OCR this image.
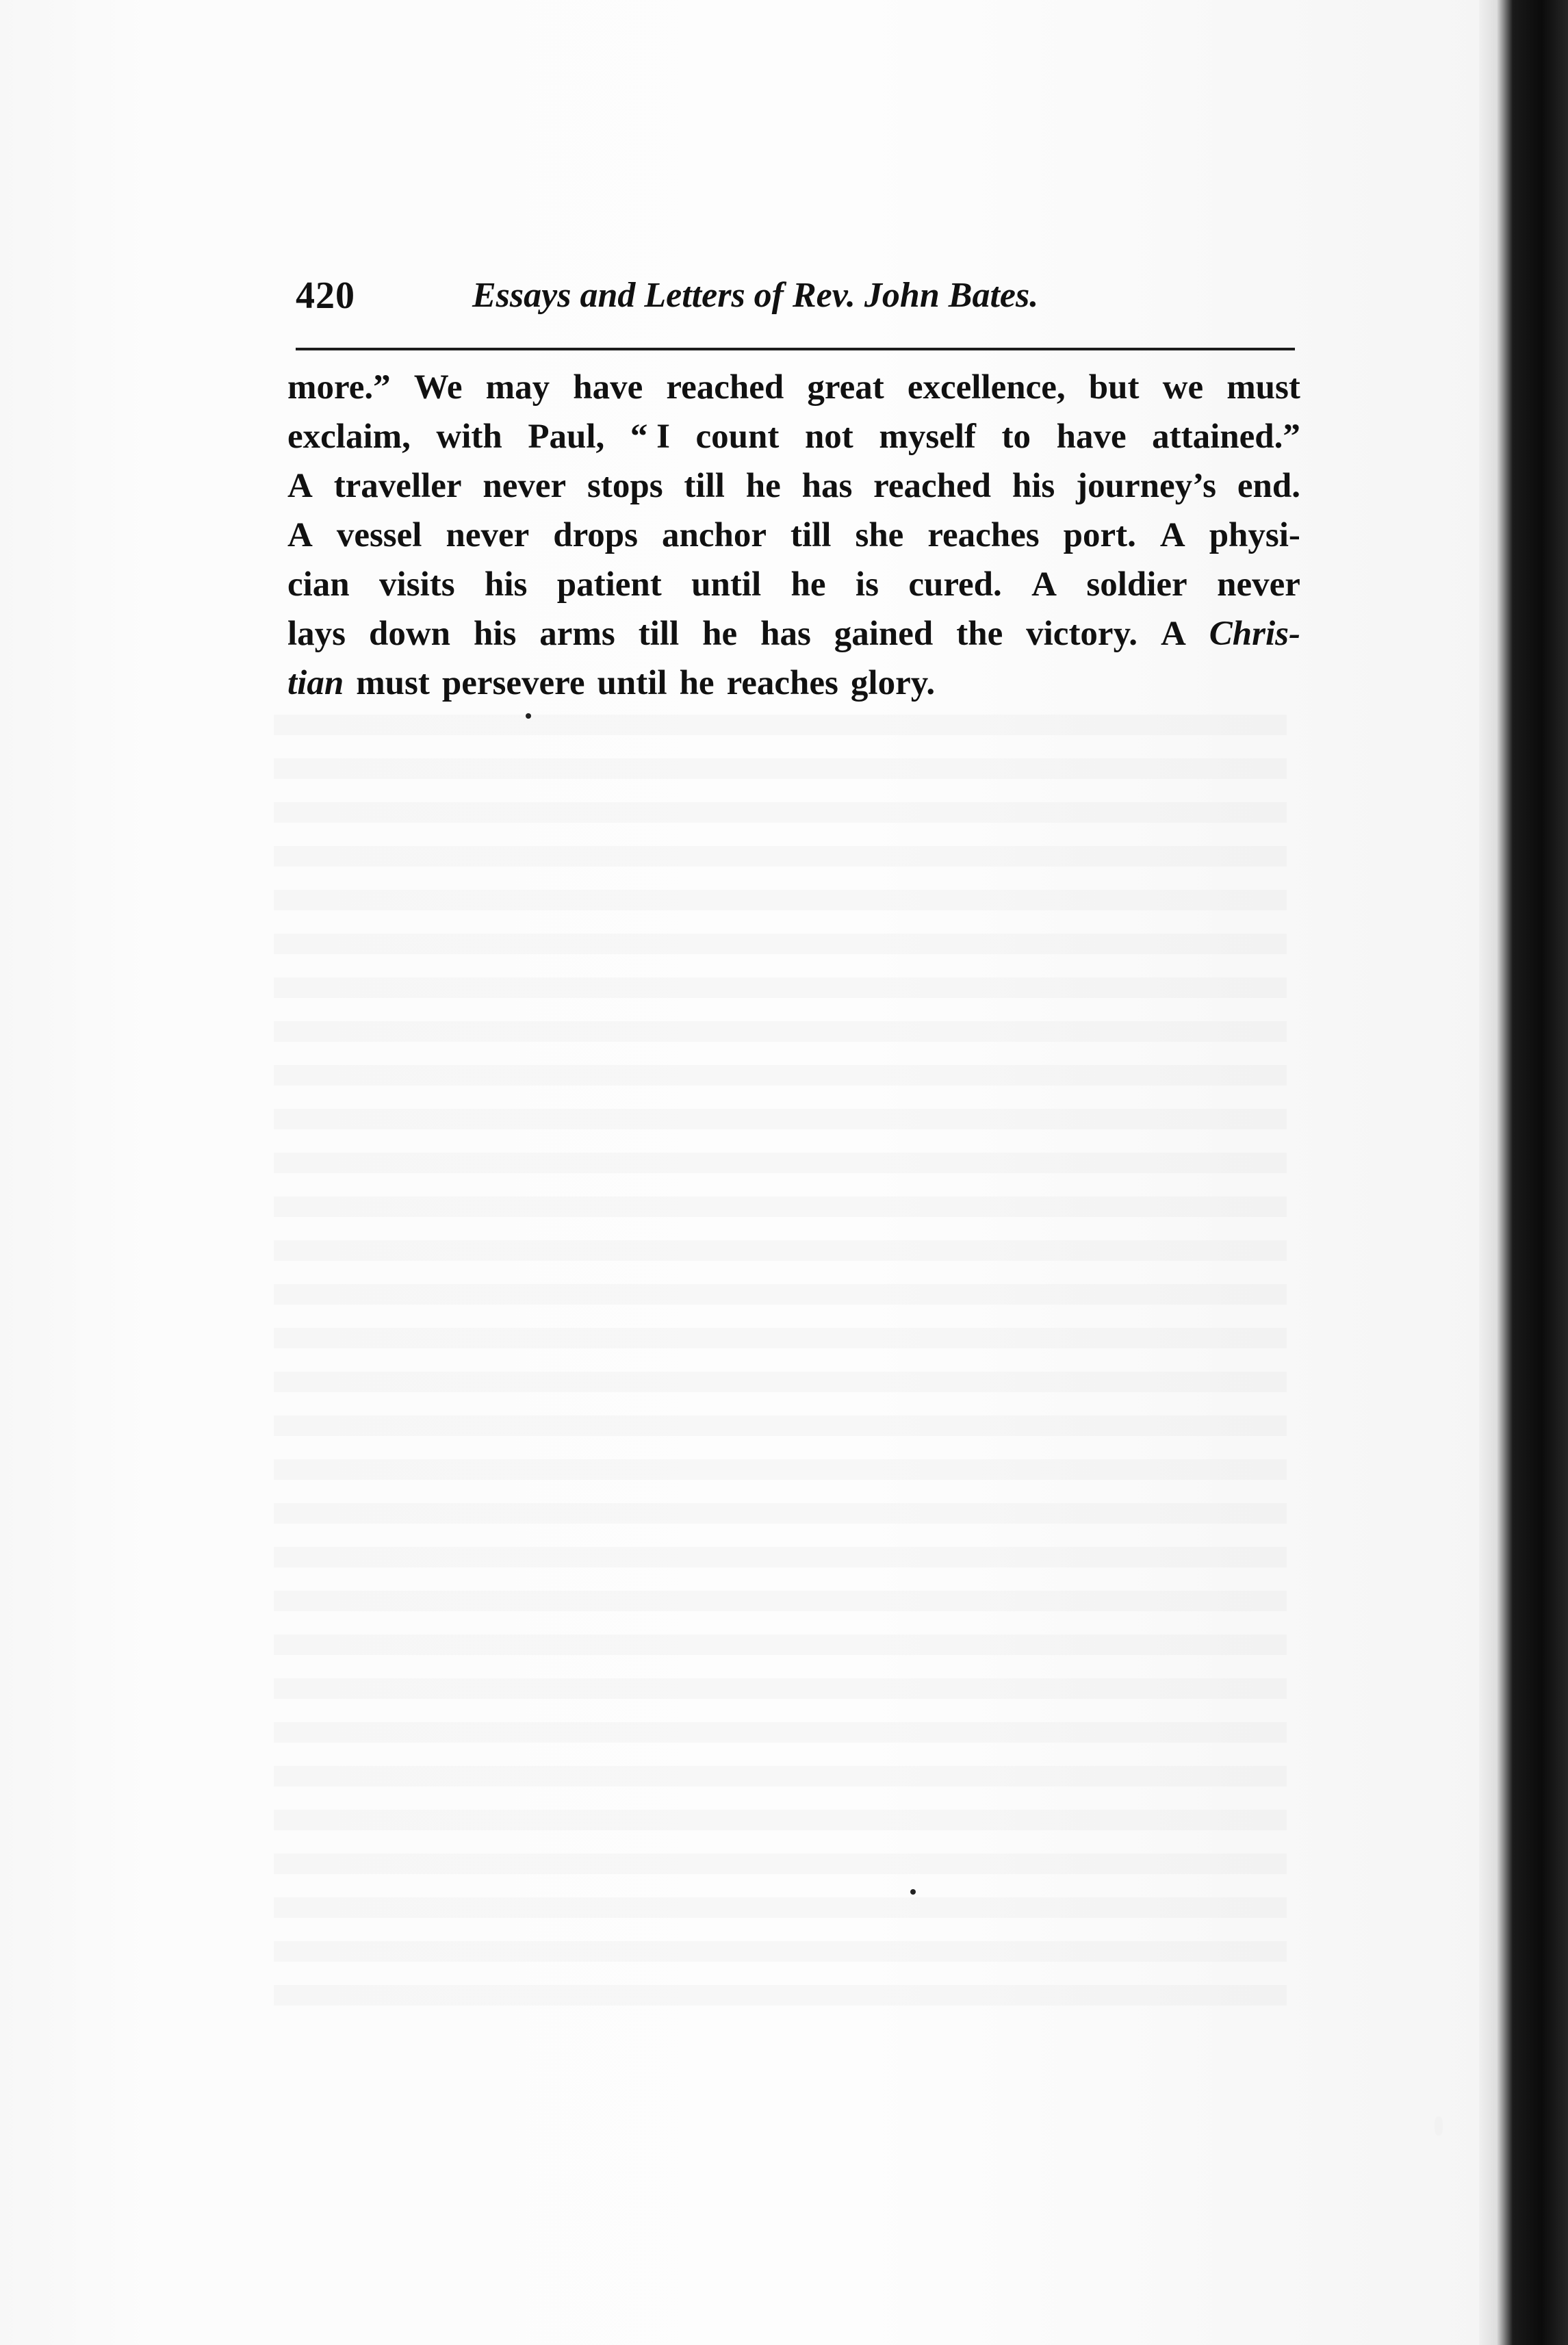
420	Essays and Letters of Rev. John Bates.
more.” We may have reached great excellence, but we must
exclaim, with Paul, “ I count not myself to have attained.”
A traveller never stops till he has reached his journey’s end.
A vessel never drops anchor till she reaches port. A physi-
cian visits his patient until he is cured. A soldier never
lays down his arms till he has gained the victory. A Chris-
tian must persevere until he reaches glory.
